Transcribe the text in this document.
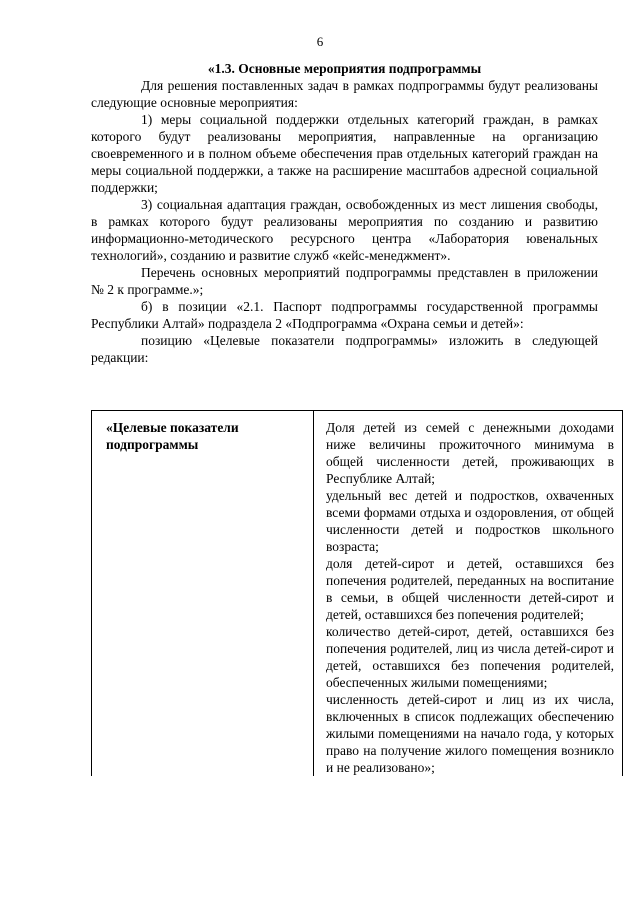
6

«1.3. Основные мероприятия подпрограммы

Для решения поставленных задач в рамках подпрограммы будут реализованы следующие основные мероприятия:

1) меры социальной поддержки отдельных категорий граждан, в рамках которого будут реализованы мероприятия, направленные на организацию своевременного и в полном объеме обеспечения прав отдельных категорий граждан на меры социальной поддержки, а также на расширение масштабов адресной социальной поддержки;

3) социальная адаптация граждан, освобожденных из мест лишения свободы, в рамках которого будут реализованы мероприятия по созданию и развитию информационно-методического ресурсного центра «Лаборатория ювенальных технологий», созданию и развитие служб «кейс-менеджмент».

Перечень основных мероприятий подпрограммы представлен в приложении № 2 к программе.»;

б) в позиции «2.1. Паспорт подпрограммы государственной программы Республики Алтай» подраздела 2 «Подпрограмма «Охрана семьи и детей»:

позицию «Целевые показатели подпрограммы» изложить в следующей редакции:

«Целевые показатели подпрограммы

Доля детей из семей с денежными доходами ниже величины прожиточного минимума в общей численности детей, проживающих в Республике Алтай;

удельный вес детей и подростков, охваченных всеми формами отдыха и оздоровления, от общей численности детей и подростков школьного возраста;

доля детей-сирот и детей, оставшихся без попечения родителей, переданных на воспитание в семьи, в общей численности детей-сирот и детей, оставшихся без попечения родителей;

количество детей-сирот, детей, оставшихся без попечения родителей, лиц из числа детей-сирот и детей, оставшихся без попечения родителей, обеспеченных жилыми помещениями;

численность детей-сирот и лиц из их числа, включенных в список подлежащих обеспечению жилыми помещениями на начало года, у которых право на получение жилого помещения возникло и не реализовано»;
